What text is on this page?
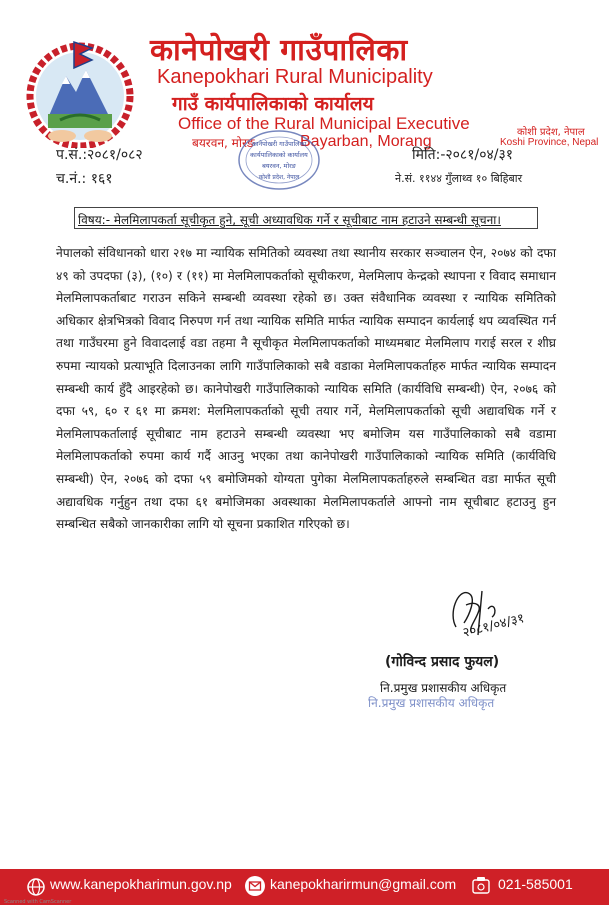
कानेपोखरी गाउँपालिका
Kanepokhari Rural Municipality
गाउँ कार्यपालिकाको कार्यालय
Office of the Rural Municipal Executive
बयरवन, मोरङ	Bayarban, Morang
कोशी प्रदेश, नेपाल
Koshi Province, Nepal
कानेपोखरी गाउँपालिका
कार्यपालिकाको कार्यालय
बयरवन, मोरङ
कोशी प्रदेश, नेपाल
प.सं.:२०८१/०८२
च.नं.: १६१
मिति:-२०८१/०४/३१
ने.सं. ११४४ गुँलाथ्व १० बिहिबार
विषय:- मेलमिलापकर्ता सूचीकृत हुने, सूची अध्यावधिक गर्ने र सूचीबाट नाम हटाउने सम्बन्धी सूचना।
नेपालको संविधानको धारा २१७ मा न्यायिक समितिको व्यवस्था तथा स्थानीय सरकार सञ्चालन ऐन, २०७४ को दफा ४९ को उपदफा (३), (१०) र (११) मा मेलमिलापकर्ताको सूचीकरण, मेलमिलाप केन्द्रको स्थापना र विवाद समाधान मेलमिलापकर्ताबाट गराउन सकिने सम्बन्धी व्यवस्था रहेको छ। उक्त संवैधानिक व्यवस्था र न्यायिक समितिको अधिकार क्षेत्रभित्रको विवाद निरुपण गर्न तथा न्यायिक समिति मार्फत न्यायिक सम्पादन कार्यलाई थप व्यवस्थित गर्न तथा गाउँघरमा हुने विवादलाई वडा तहमा नै सूचीकृत मेलमिलापकर्ताको माध्यमबाट मेलमिलाप गराई सरल र शीघ्र रुपमा न्यायको प्रत्याभूति दिलाउनका लागि गाउँपालिकाको सबै वडाका मेलमिलापकर्ताहरु मार्फत न्यायिक सम्पादन सम्बन्धी कार्य हुँदै आइरहेको छ। कानेपोखरी गाउँपालिकाको न्यायिक समिति (कार्यविधि सम्बन्धी) ऐन, २०७६ को दफा ५९, ६० र ६१ मा क्रमश: मेलमिलापकर्ताको सूची तयार गर्ने, मेलमिलापकर्ताको सूची अद्यावधिक गर्ने र मेलमिलापकर्तालाई सूचीबाट नाम हटाउने सम्बन्धी व्यवस्था भए बमोजिम यस गाउँपालिकाको सबै वडामा मेलमिलापकर्ताको रुपमा कार्य गर्दै आउनु भएका तथा कानेपोखरी गाउँपालिकाको न्यायिक समिति (कार्यविधि सम्बन्धी) ऐन, २०७६ को दफा ५९ बमोजिमको योग्यता पुगेका मेलमिलापकर्ताहरुले सम्बन्धित वडा मार्फत सूची अद्यावधिक गर्नुहुन तथा दफा ६१ बमोजिमका अवस्थाका मेलमिलापकर्ताले आफ्नो नाम सूचीबाट हटाउनु हुन सम्बन्धित सबैको जानकारीका लागि यो सूचना प्रकाशित गरिएको छ।
२०८१/०४/३१
(गोविन्द प्रसाद फुयल)
नि.प्रमुख प्रशासकीय अधिकृत
नि.प्रमुख प्रशासकीय अधिकृत
www.kanepokharimun.gov.np	kanepokharirmun@gmail.com	021-585001
Scanned with CamScanner
